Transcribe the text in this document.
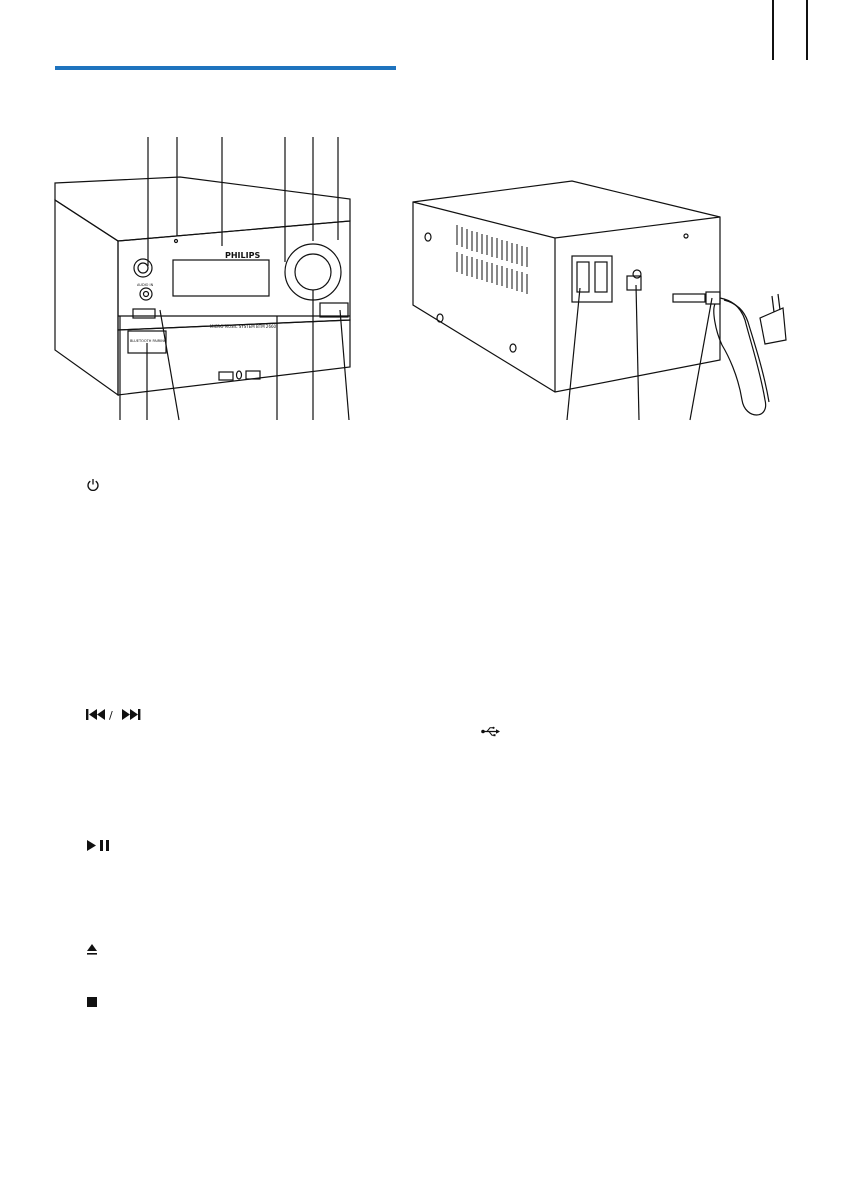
PHILIPS
AUDIO IN
BLUETOOTH PAIRING
MICRO MUSIC SYSTEM BTM 2660
/
